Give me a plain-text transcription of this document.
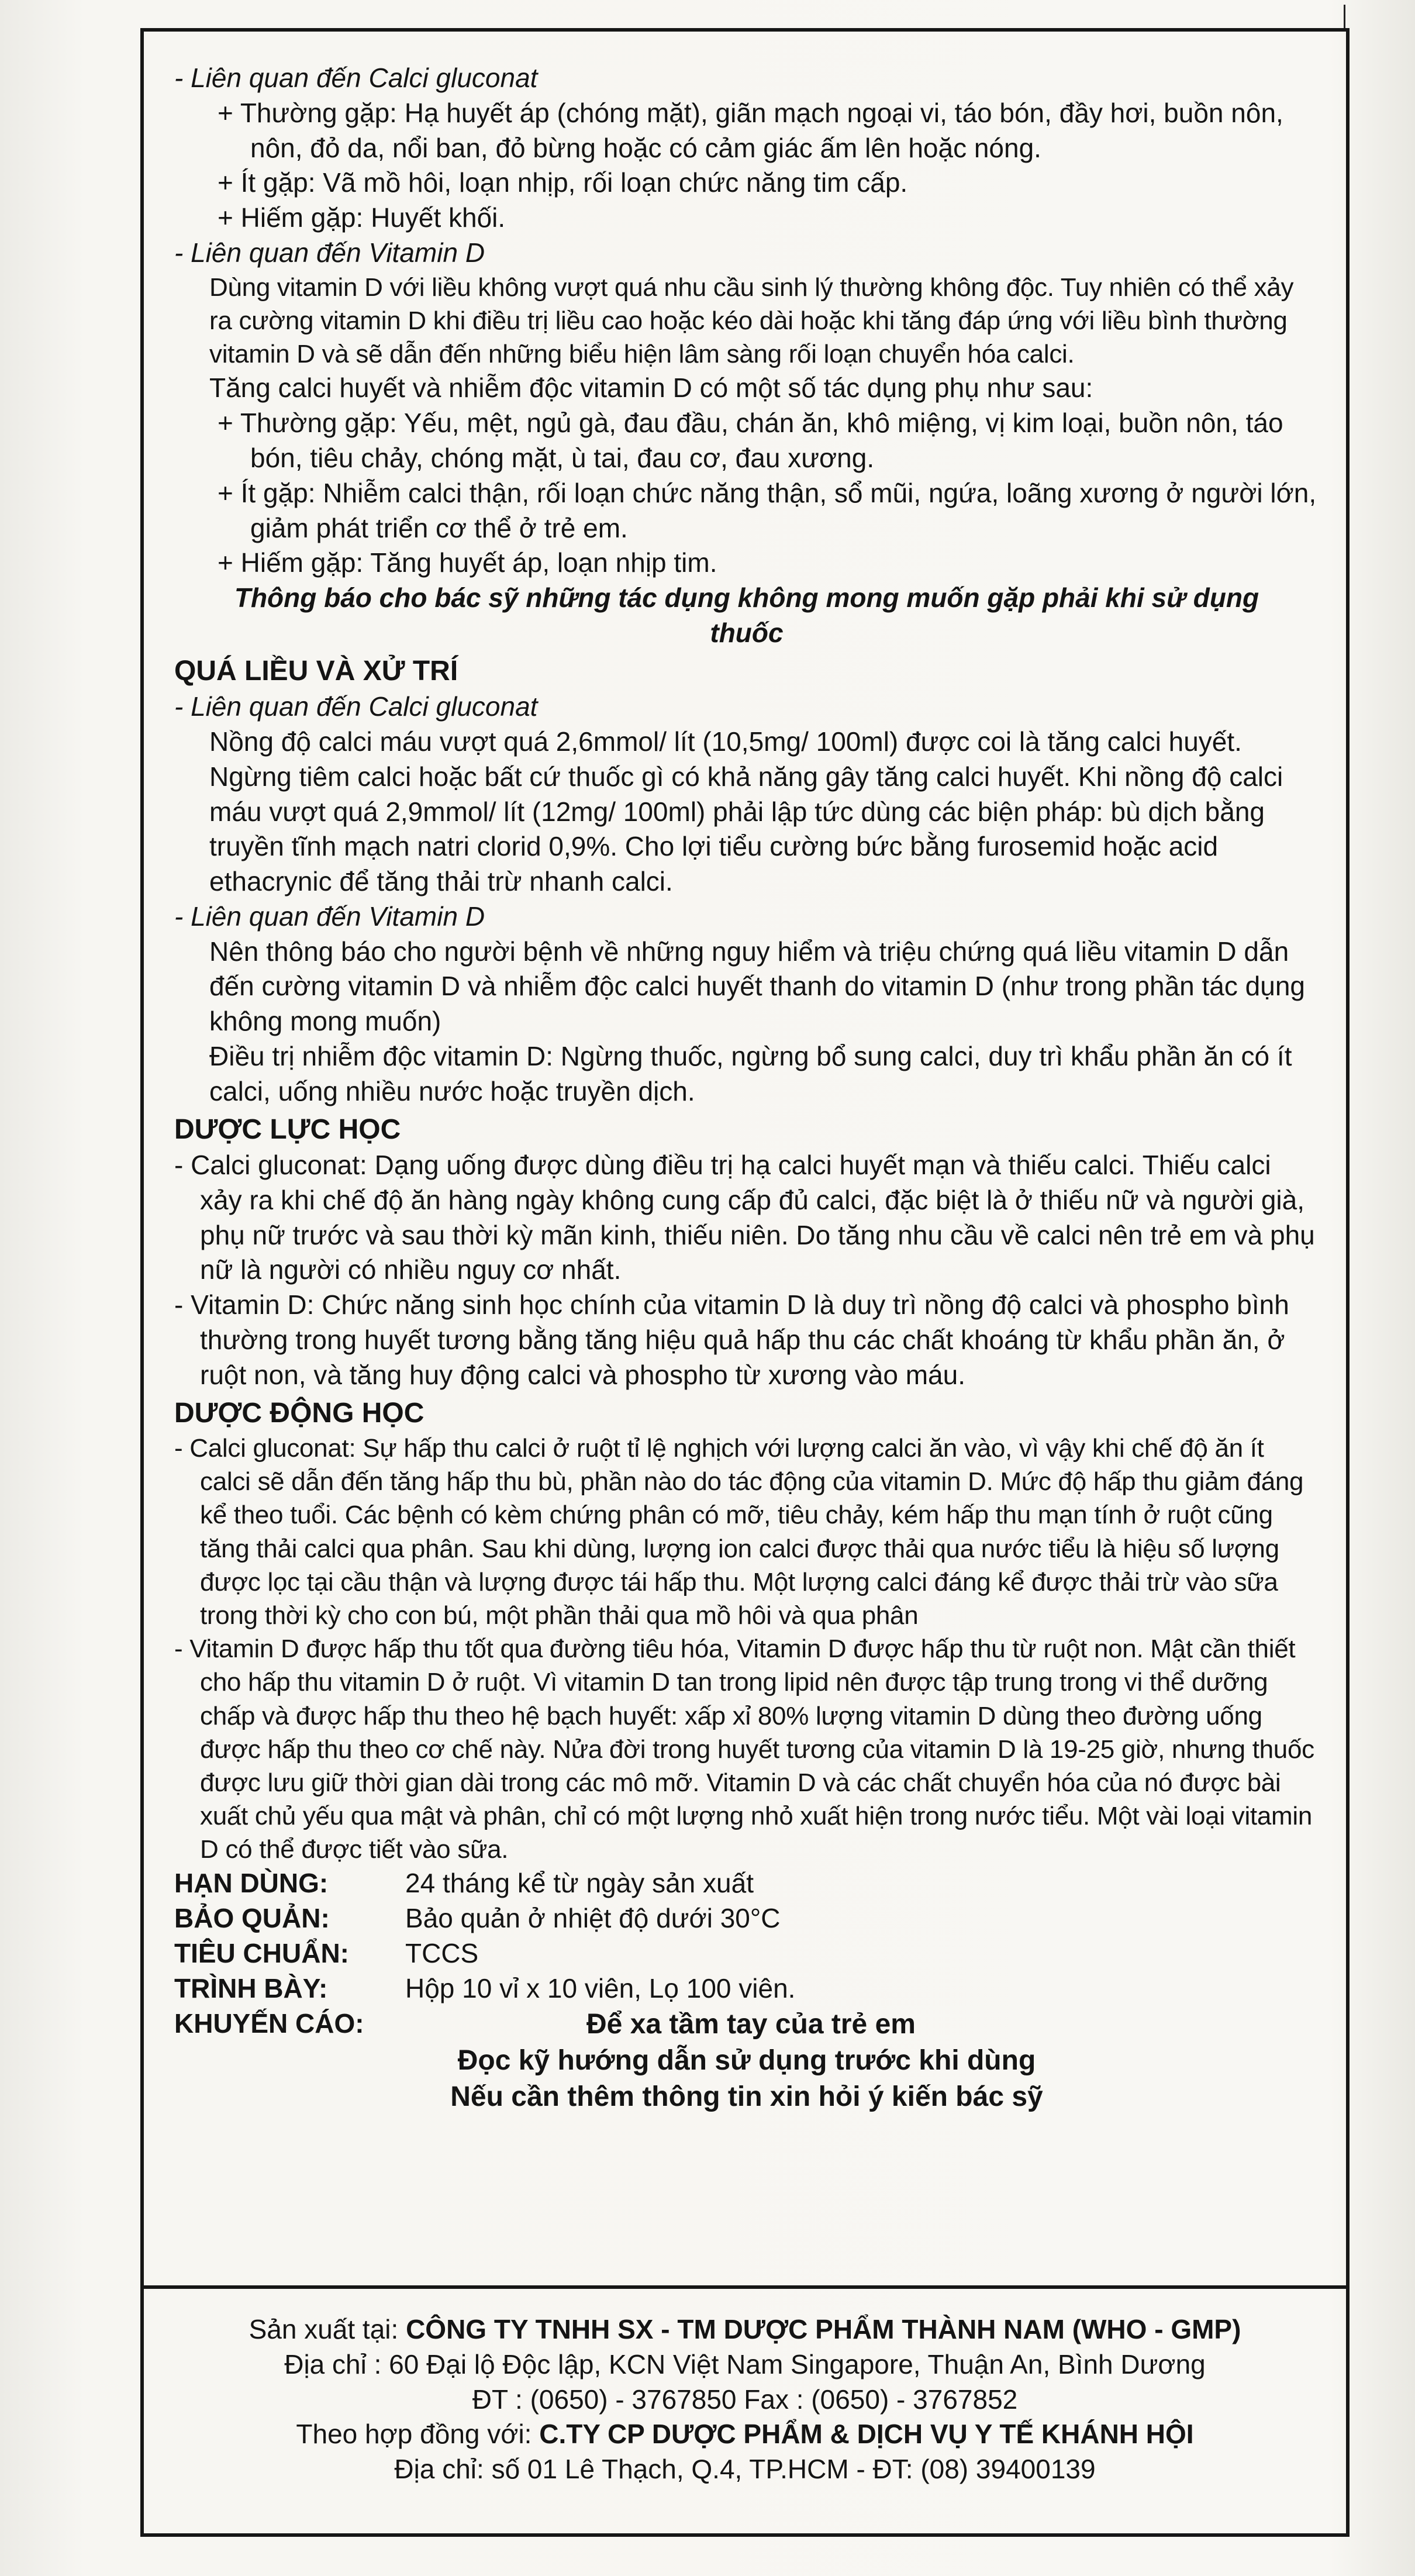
- Liên quan đến Calci gluconat

+ Thường gặp: Hạ huyết áp (chóng mặt), giãn mạch ngoại vi, táo bón, đầy hơi, buồn nôn, nôn, đỏ da, nổi ban, đỏ bừng hoặc có cảm giác ấm lên hoặc nóng.

+ Ít gặp: Vã mồ hôi, loạn nhịp, rối loạn chức năng tim cấp.

+ Hiếm gặp: Huyết khối.

- Liên quan đến Vitamin D

Dùng vitamin D với liều không vượt quá nhu cầu sinh lý thường không độc. Tuy nhiên có thể xảy ra cường vitamin D khi điều trị liều cao hoặc kéo dài hoặc khi tăng đáp ứng với liều bình thường vitamin D và sẽ dẫn đến những biểu hiện lâm sàng rối loạn chuyển hóa calci.

Tăng calci huyết và nhiễm độc vitamin D có một số tác dụng phụ như sau:

+ Thường gặp: Yếu, mệt, ngủ gà, đau đầu, chán ăn, khô miệng, vị kim loại, buồn nôn, táo bón, tiêu chảy, chóng mặt, ù tai, đau cơ, đau xương.

+ Ít gặp: Nhiễm calci thận, rối loạn chức năng thận, sổ mũi, ngứa, loãng xương ở người lớn, giảm phát triển cơ thể ở trẻ em.

+ Hiếm gặp: Tăng huyết áp, loạn nhịp tim.

Thông báo cho bác sỹ những tác dụng không mong muốn gặp phải khi sử dụng thuốc

QUÁ LIỀU VÀ XỬ TRÍ

- Liên quan đến Calci gluconat

Nồng độ calci máu vượt quá 2,6mmol/ lít (10,5mg/ 100ml) được coi là tăng calci huyết. Ngừng tiêm calci hoặc bất cứ thuốc gì có khả năng gây tăng calci huyết. Khi nồng độ calci máu vượt quá 2,9mmol/ lít (12mg/ 100ml) phải lập tức dùng các biện pháp: bù dịch bằng truyền tĩnh mạch natri clorid 0,9%. Cho lợi tiểu cường bức bằng furosemid hoặc acid ethacrynic để tăng thải trừ nhanh calci.

- Liên quan đến Vitamin D

Nên thông báo cho người bệnh về những nguy hiểm và triệu chứng quá liều vitamin D dẫn đến cường vitamin D và nhiễm độc calci huyết thanh do vitamin D (như trong phần tác dụng không mong muốn)

Điều trị nhiễm độc vitamin D: Ngừng thuốc, ngừng bổ sung calci, duy trì khẩu phần ăn có ít calci, uống nhiều nước hoặc truyền dịch.

DƯỢC LỰC HỌC

- Calci gluconat: Dạng uống được dùng điều trị hạ calci huyết mạn và thiếu calci. Thiếu calci xảy ra khi chế độ ăn hàng ngày không cung cấp đủ calci, đặc biệt là ở thiếu nữ và người già, phụ nữ trước và sau thời kỳ mãn kinh, thiếu niên. Do tăng nhu cầu về calci nên trẻ em và phụ nữ là người có nhiều nguy cơ nhất.

- Vitamin D: Chức năng sinh học chính của vitamin D là duy trì nồng độ calci và phospho bình thường trong huyết tương bằng tăng hiệu quả hấp thu các chất khoáng từ khẩu phần ăn, ở ruột non, và tăng huy động calci và phospho từ xương vào máu.

DƯỢC ĐỘNG HỌC

- Calci gluconat: Sự hấp thu calci ở ruột tỉ lệ nghịch với lượng calci ăn vào, vì vậy khi chế độ ăn ít calci sẽ dẫn đến tăng hấp thu bù, phần nào do tác động của vitamin D. Mức độ hấp thu giảm đáng kể theo tuổi. Các bệnh có kèm chứng phân có mỡ, tiêu chảy, kém hấp thu mạn tính ở ruột cũng tăng thải calci qua phân. Sau khi dùng, lượng ion calci được thải qua nước tiểu là hiệu số lượng được lọc tại cầu thận và lượng được tái hấp thu. Một lượng calci đáng kể được thải trừ vào sữa trong thời kỳ cho con bú, một phần thải qua mồ hôi và qua phân

- Vitamin D được hấp thu tốt qua đường tiêu hóa, Vitamin D được hấp thu từ ruột non. Mật cần thiết cho hấp thu vitamin D ở ruột. Vì vitamin D tan trong lipid nên được tập trung trong vi thể dưỡng chấp và được hấp thu theo hệ bạch huyết: xấp xỉ 80% lượng vitamin D dùng theo đường uống được hấp thu theo cơ chế này. Nửa đời trong huyết tương của vitamin D là 19-25 giờ, nhưng thuốc được lưu giữ thời gian dài trong các mô mỡ. Vitamin D và các chất chuyển hóa của nó được bài xuất chủ yếu qua mật và phân, chỉ có một lượng nhỏ xuất hiện trong nước tiểu. Một vài loại vitamin D có thể được tiết vào sữa.

HẠN DÙNG:	24 tháng kể từ ngày sản xuất
BẢO QUẢN:	Bảo quản ở nhiệt độ dưới 30°C
TIÊU CHUẨN:	TCCS
TRÌNH BÀY:	Hộp 10 vỉ x 10 viên, Lọ 100 viên.
KHUYẾN CÁO:	Để xa tầm tay của trẻ em

Đọc kỹ hướng dẫn sử dụng trước khi dùng

Nếu cần thêm thông tin xin hỏi ý kiến bác sỹ

Sản xuất tại: CÔNG TY TNHH SX - TM DƯỢC PHẨM THÀNH NAM (WHO - GMP)

Địa chỉ : 60 Đại lộ Độc lập, KCN Việt Nam Singapore, Thuận An, Bình Dương

ĐT : (0650) - 3767850 Fax : (0650) - 3767852

Theo hợp đồng với: C.TY CP DƯỢC PHẨM & DỊCH VỤ Y TẾ KHÁNH HỘI

Địa chỉ: số 01 Lê Thạch, Q.4, TP.HCM - ĐT: (08) 39400139
